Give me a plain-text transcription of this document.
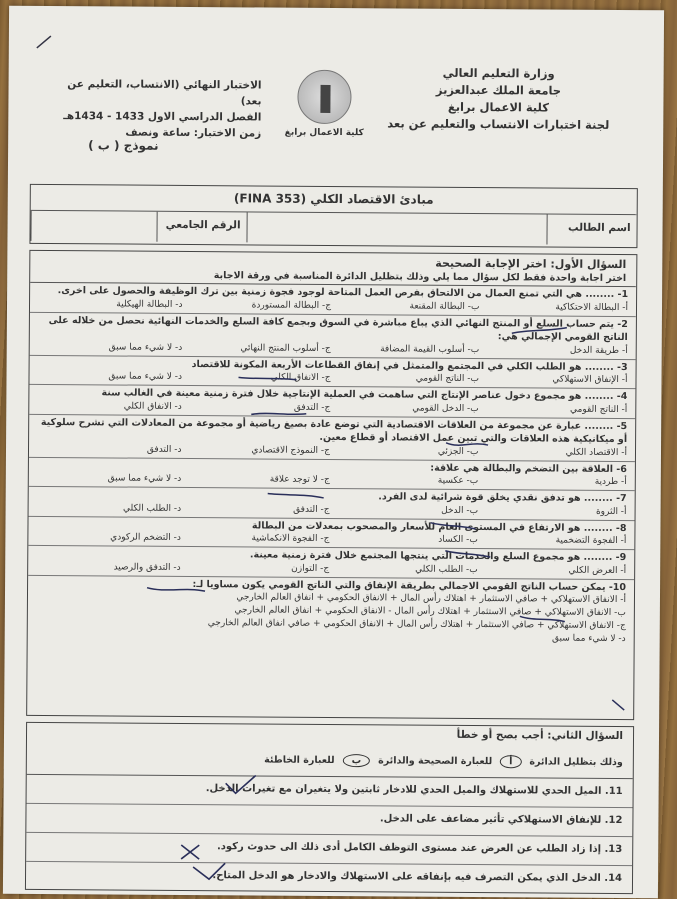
وزارة التعليم العالي
جامعة الملك عبدالعزيز
كلية الاعمال برابغ
لجنة اختبارات الانتساب والتعليم عن بعد
كلية الاعمال برابغ
الاختبار النهائي (الانتساب، التعليم عن بعد)
الفصل الدراسي الاول 1433 - 1434هـ
زمن الاختبار: ساعة ونصف
نموذج ( ب )
مبادئ الاقتصاد الكلي (FINA 353)
اسم الطالب
الرقم الجامعي
السؤال الأول: اختر الإجابة الصحيحة
اختر اجابة واحدة فقط لكل سؤال مما يلي وذلك بتظليل الدائرة المناسبة في ورقة الاجابة
1- ........ هي التي تمنع العمال من الالتحاق بفرص العمل المتاحة لوجود فجوة زمنية بين ترك الوظيفة والحصول على اخرى.
أ- البطالة الاحتكاكية
ب- البطالة المقنعة
ج- البطالة المستوردة
د- البطالة الهيكلية
2- يتم حساب السلع أو المنتج النهائي الذي يباع مباشرة في السوق وبجمع كافة السلع والخدمات النهائية نحصل من خلاله على الناتج القومي الإجمالي هي:
أ- طريقة الدخل
ب- أسلوب القيمة المضافة
ج- أسلوب المنتج النهائي
د- لا شيء مما سبق
3- ........ هو الطلب الكلي في المجتمع والمتمثل في إنفاق القطاعات الأربعة المكونة للاقتصاد
أ- الإنفاق الاستهلاكي
ب- الناتج القومي
ج- الانفاق الكلي
د- لا شيء مما سبق
4- ........ هو مجموع دخول عناصر الإنتاج التي ساهمت في العملية الإنتاجية خلال فترة زمنية معينة في الغالب سنة
أ- الناتج القومي
ب- الدخل القومي
ج- التدفق
د- الانفاق الكلي
5- ........ عبارة عن مجموعة من العلاقات الاقتصادية التي توضع عادة بصيغ رياضية أو مجموعة من المعادلات التي تشرح سلوكية أو ميكانيكية هذه العلاقات والتي تبين عمل الاقتصاد أو قطاع معين.
أ- الاقتصاد الكلي
ب- الجزئي
ج- النموذج الاقتصادي
د- التدفق
6- العلاقة بين التضخم والبطالة هي علاقة:
أ- طردية
ب- عكسية
ج- لا توجد علاقة
د- لا شيء مما سبق
7- ........ هو تدفق نقدي يخلق قوة شرائية لدى الفرد.
أ- الثروة
ب- الدخل
ج- التدفق
د- الطلب الكلي
8- ........ هو الارتفاع في المستوى العام للأسعار والمصحوب بمعدلات من البطالة
أ- الفجوة التضخمية
ب- الكساد
ج- الفجوة الانكماشية
د- التضخم الركودي
9- ........ هو مجموع السلع والخدمات التي ينتجها المجتمع خلال فترة زمنية معينة.
أ- العرض الكلي
ب- الطلب الكلي
ج- التوازن
د- التدفق والرصيد
10- يمكن حساب الناتج القومي الاجمالي بطريقة الإنفاق والتي الناتج القومي يكون مساويا لـ:
أ- الانفاق الاستهلاكي + صافي الاستثمار + اهتلاك رأس المال + الانفاق الحكومي + انفاق العالم الخارجي
ب- الانفاق الاستهلاكي + صافي الاستثمار + اهتلاك رأس المال - الانفاق الحكومي + انفاق العالم الخارجي
ج- الانفاق الاستهلاكي + صافي الاستثمار + اهتلاك رأس المال + الانفاق الحكومي + صافي انفاق العالم الخارجي
د- لا شيء مما سبق
السؤال الثاني: أجب بصح أو خطأ
وذلك بتظليل الدائرة
أ
للعبارة الصحيحة والدائرة
ب
للعبارة الخاطئة
11. الميل الحدي للاستهلاك والميل الحدي للادخار ثابتين ولا يتغيران مع تغيرات الدخل.
12. للإنفاق الاستهلاكي تأثير مضاعف على الدخل.
13. إذا زاد الطلب عن العرض عند مستوى التوظف الكامل أدى ذلك الى حدوث ركود.
14. الدخل الذي يمكن التصرف فيه بإنفاقه على الاستهلاك والادخار هو الدخل المتاح.
